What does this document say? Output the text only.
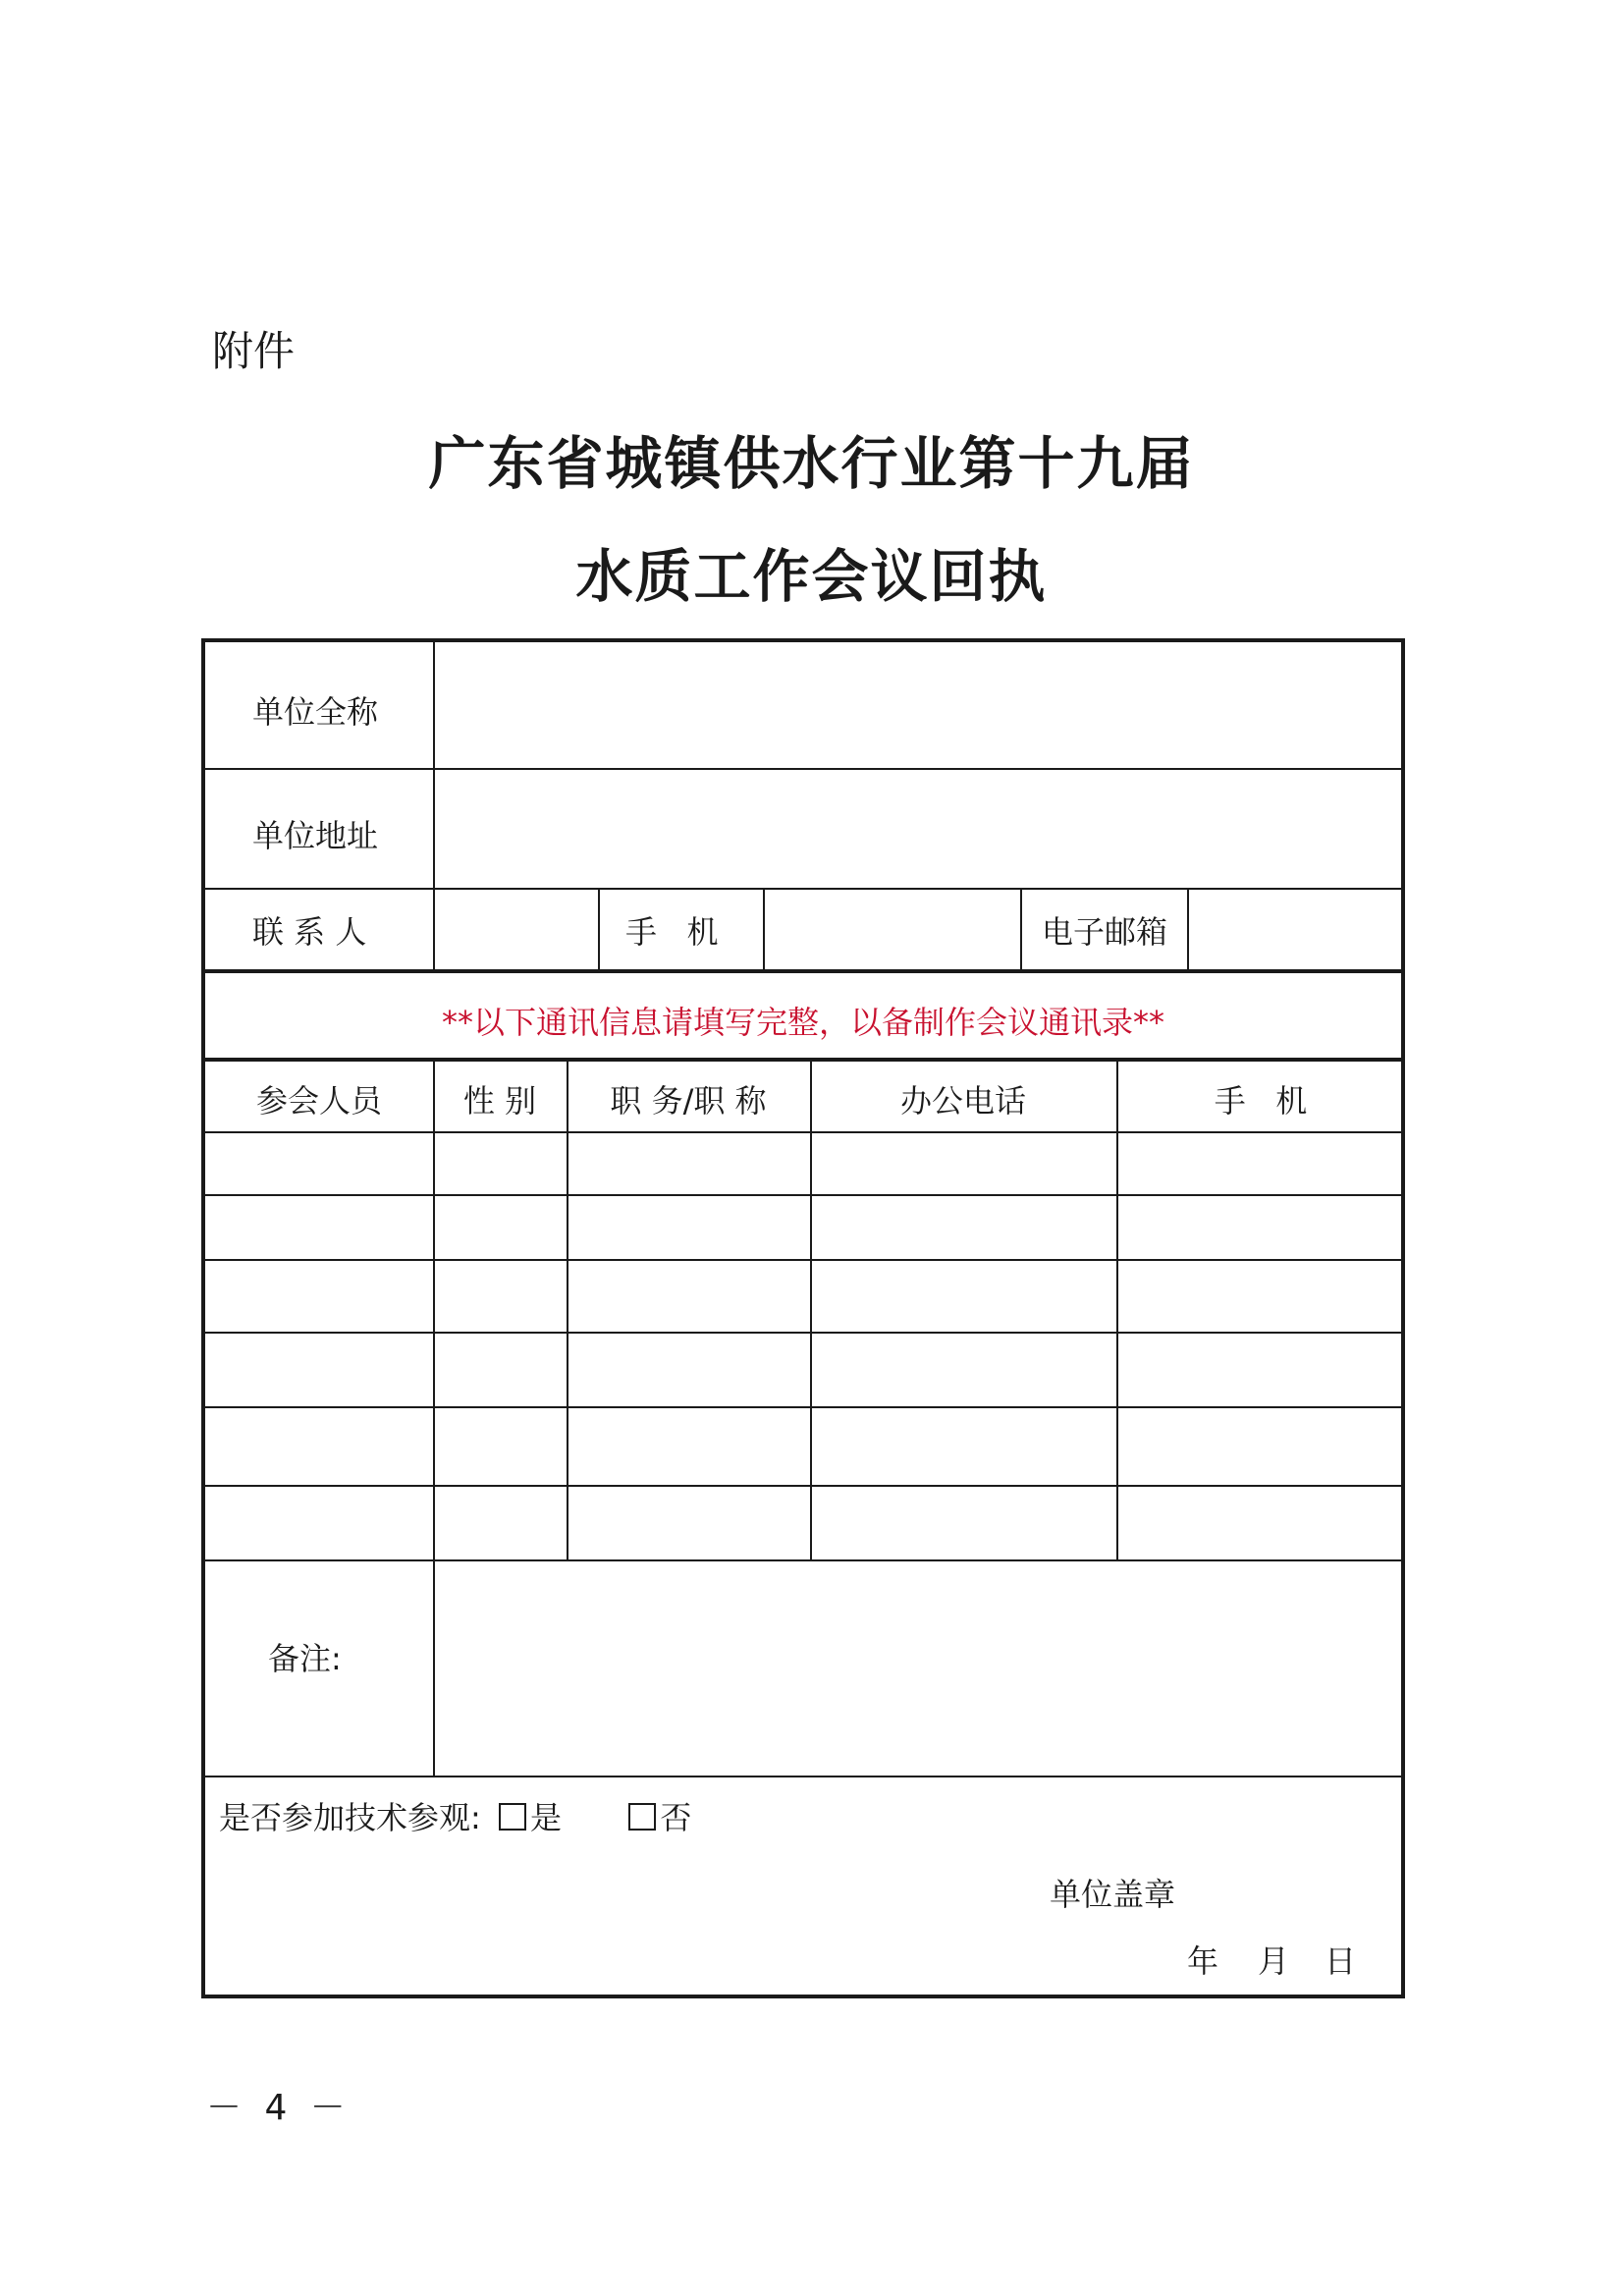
附件
广东省城镇供水行业第十九届
水质工作会议回执
单位全称
单位地址
联 系 人	手   机	电子邮箱
**以下通讯信息请填写完整，以备制作会议通讯录**
参会人员	性 别	职 务/职 称	办公电话	手   机
备注:
是否参加技术参观: 是	否
单位盖章
年 月 日
－ 4 －
